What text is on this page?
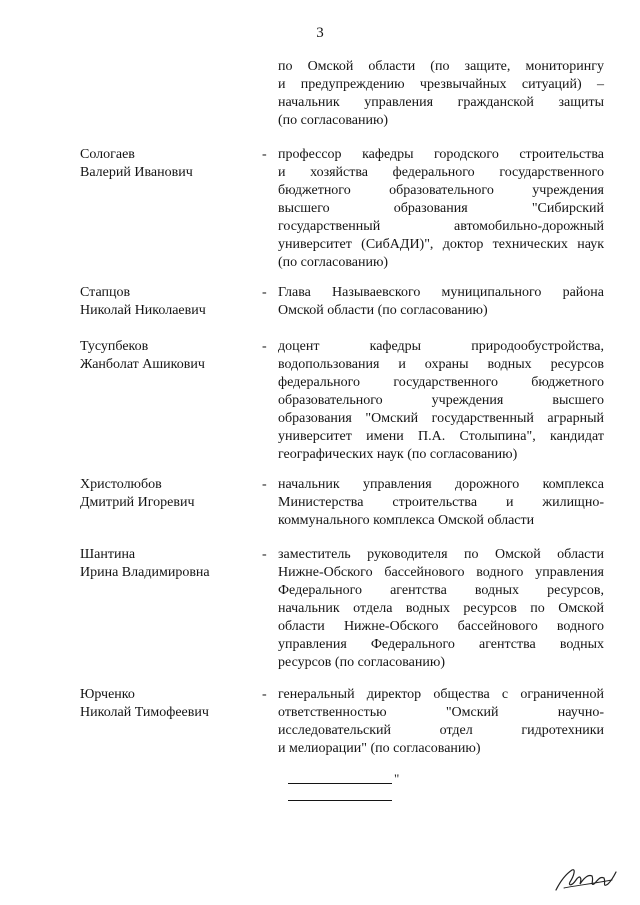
3
по Омской области (по защите, мониторингу
и предупреждению чрезвычайных ситуаций) –
начальник управления гражданской защиты
(по согласованию)
Сологаев
Валерий Иванович
- профессор кафедры городского строительства
и хозяйства федерального государственного
бюджетного образовательного учреждения
высшего образования "Сибирский
государственный автомобильно-дорожный
университет (СибАДИ)", доктор технических наук
(по согласованию)
Стапцов
Николай Николаевич
- Глава Называевского муниципального района
Омской области (по согласованию)
Тусупбеков
Жанболат Ашикович
- доцент кафедры природообустройства,
водопользования и охраны водных ресурсов
федерального государственного бюджетного
образовательного учреждения высшего
образования "Омский государственный аграрный
университет имени П.А. Столыпина", кандидат
географических наук (по согласованию)
Христолюбов
Дмитрий Игоревич
- начальник управления дорожного комплекса
Министерства строительства и жилищно-
коммунального комплекса Омской области
Шантина
Ирина Владимировна
- заместитель руководителя по Омской области
Нижне-Обского бассейнового водного управления
Федерального агентства водных ресурсов,
начальник отдела водных ресурсов по Омской
области Нижне-Обского бассейнового водного
управления Федерального агентства водных
ресурсов (по согласованию)
Юрченко
Николай Тимофеевич
- генеральный директор общества с ограниченной
ответственностью "Омский научно-
исследовательский отдел гидротехники
и мелиорации" (по согласованию)
"
